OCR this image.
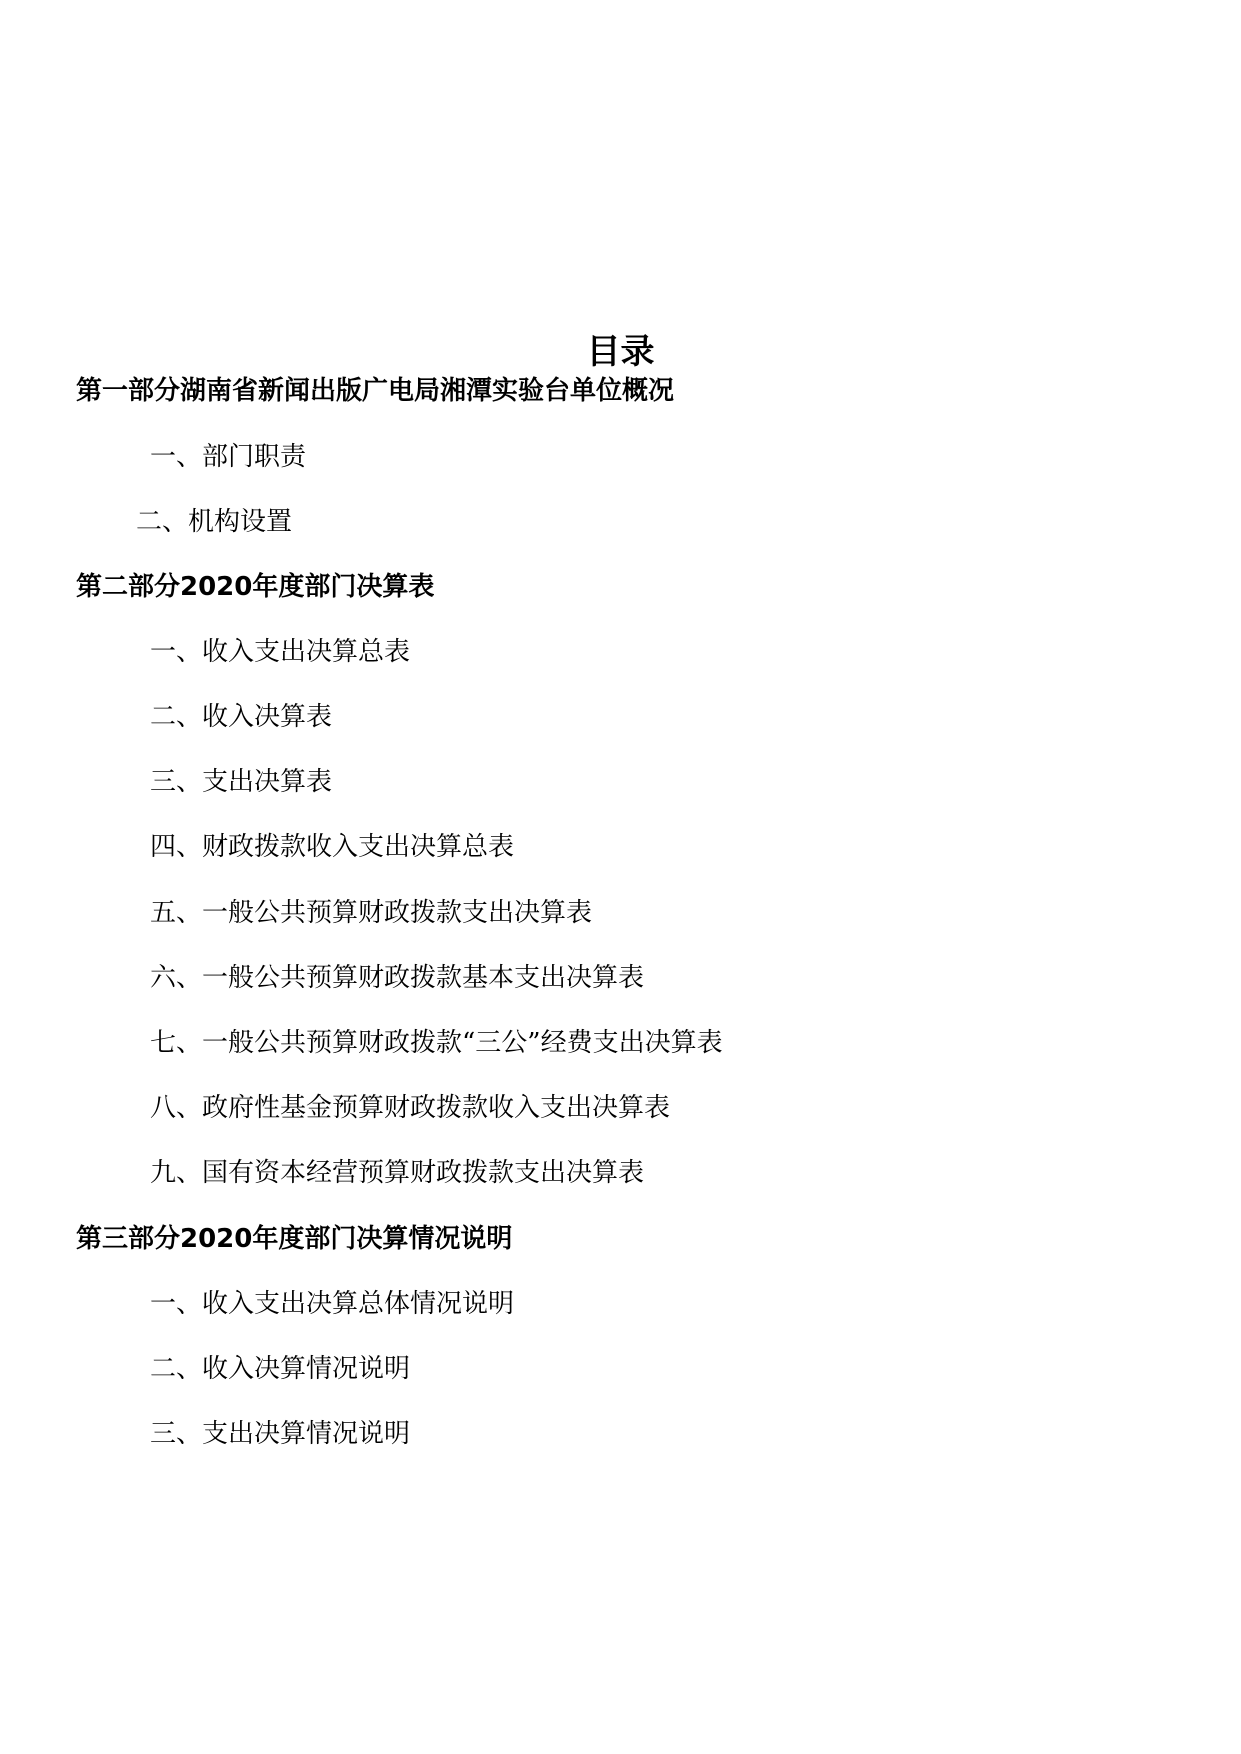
目录
第一部分湖南省新闻出版广电局湘潭实验台单位概况
一、部门职责
二、机构设置
第二部分2020年度部门决算表
一、收入支出决算总表
二、收入决算表
三、支出决算表
四、财政拨款收入支出决算总表
五、一般公共预算财政拨款支出决算表
六、一般公共预算财政拨款基本支出决算表
七、一般公共预算财政拨款“三公”经费支出决算表
八、政府性基金预算财政拨款收入支出决算表
九、国有资本经营预算财政拨款支出决算表
第三部分2020年度部门决算情况说明
一、收入支出决算总体情况说明
二、收入决算情况说明
三、支出决算情况说明
